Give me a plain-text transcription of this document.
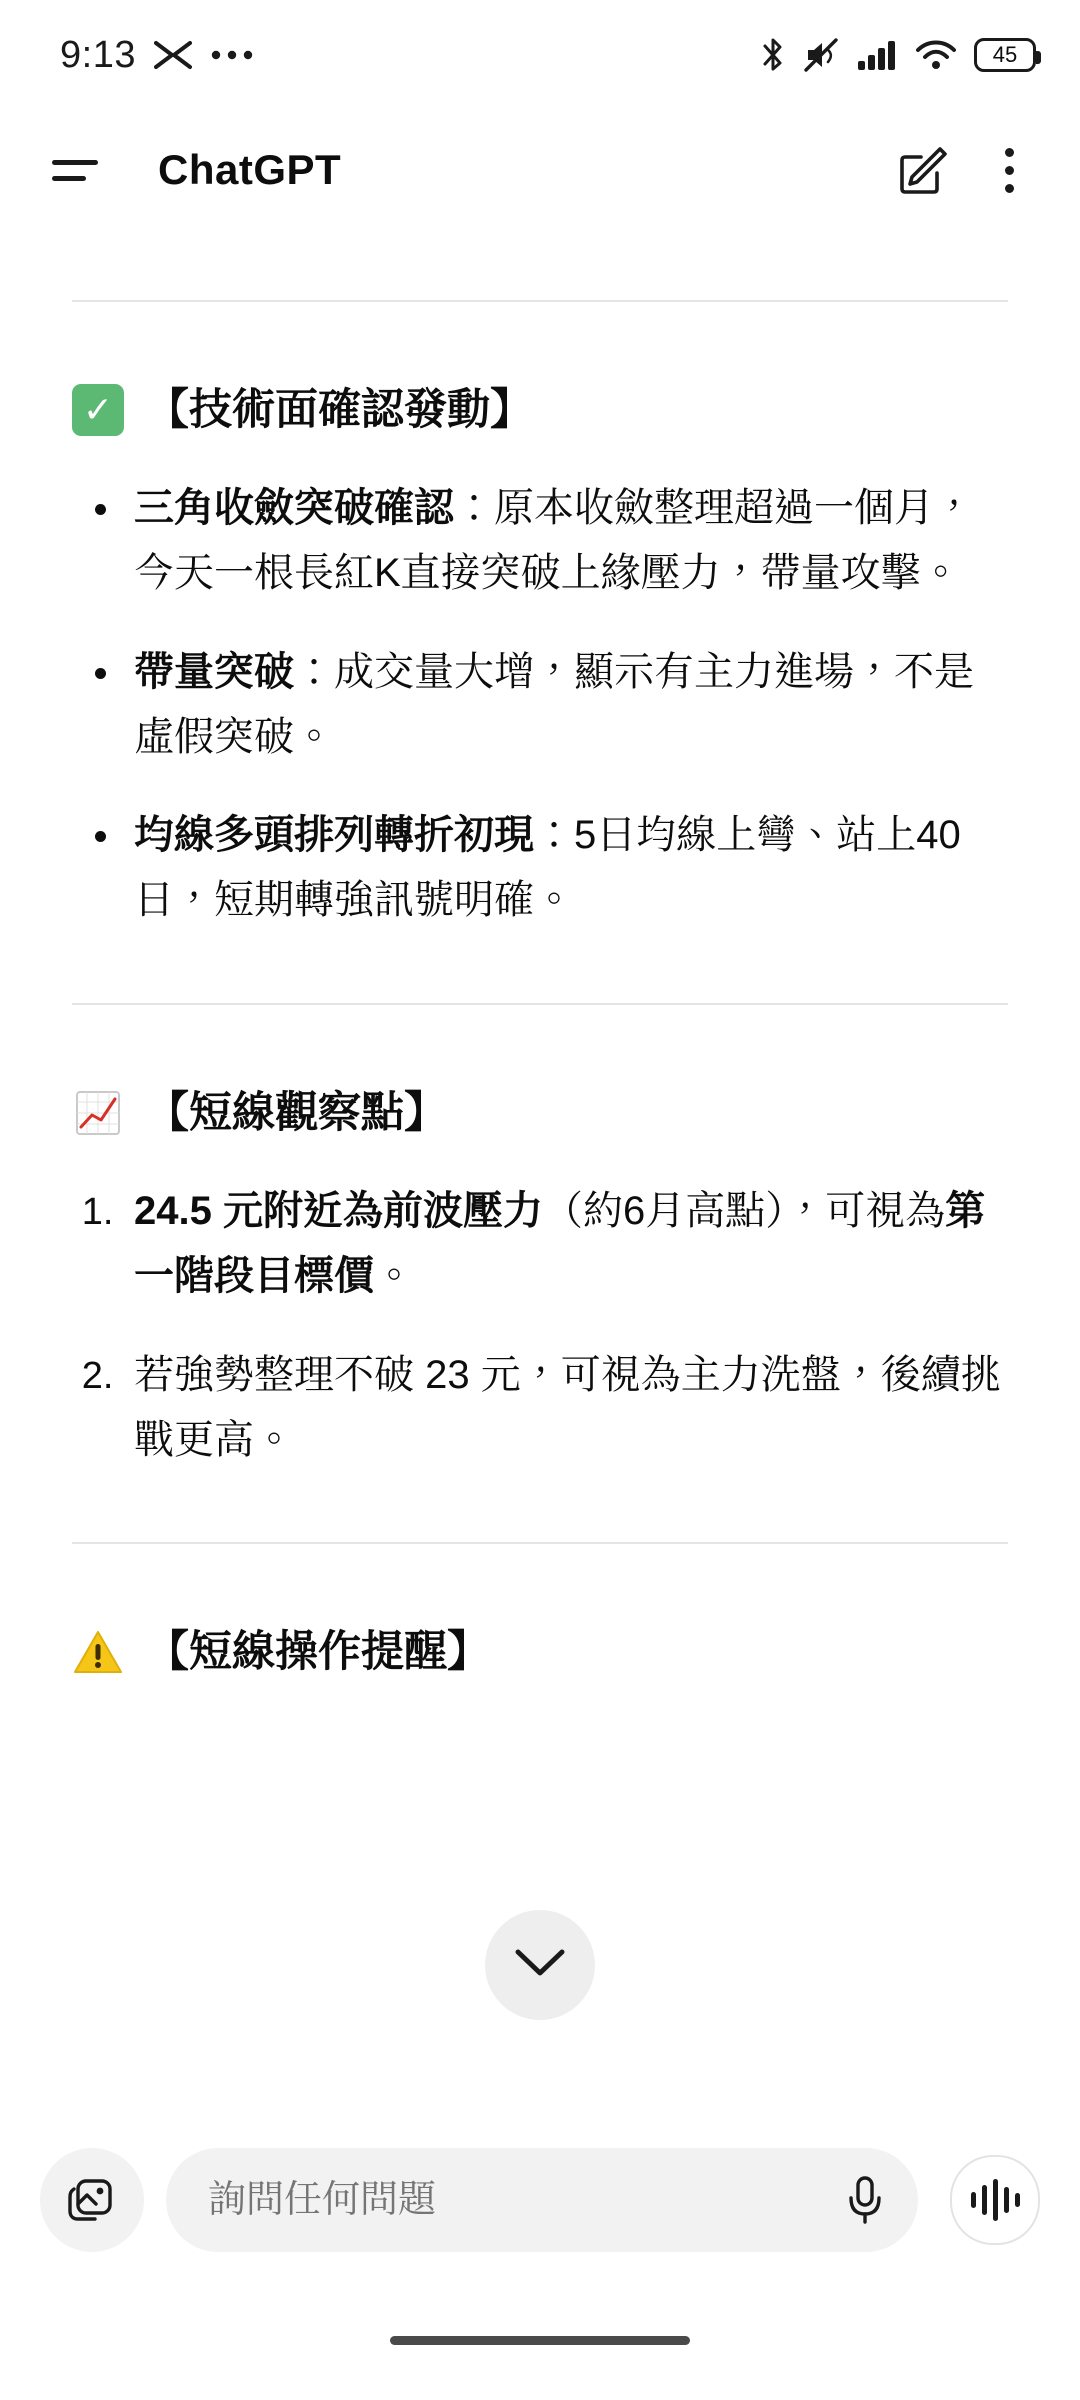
9:13	45
ChatGPT
✓ 【技術面確認發動】
• 三角收斂突破確認：原本收斂整理超過一個月，今天一根長紅K直接突破上緣壓力，帶量攻擊。
• 帶量突破：成交量大增，顯示有主力進場，不是虛假突破。
• 均線多頭排列轉折初現：5日均線上彎、站上40日，短期轉強訊號明確。
【短線觀察點】
1. 24.5 元附近為前波壓力（約6月高點），可視為第一階段目標價。
2. 若強勢整理不破 23 元，可視為主力洗盤，後續挑戰更高。
【短線操作提醒】
詢問任何問題
